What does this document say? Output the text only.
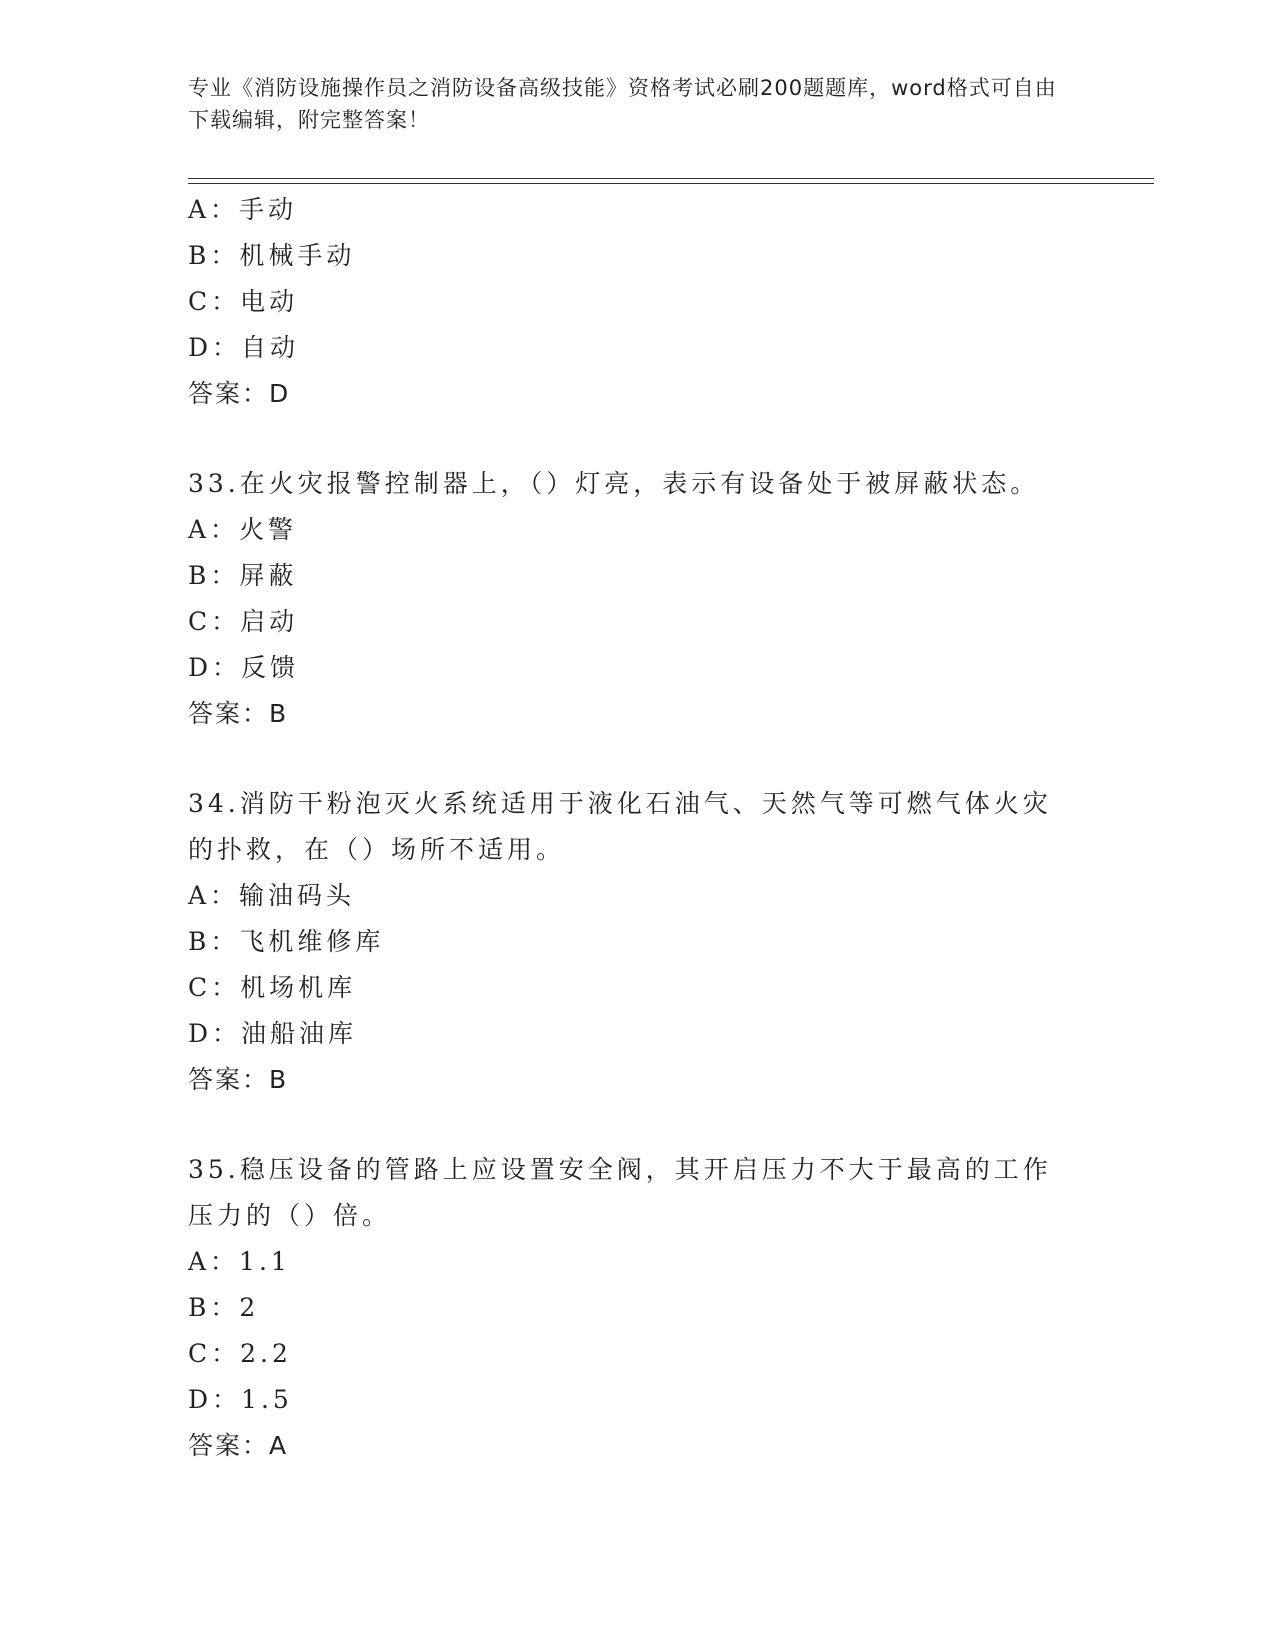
专业《消防设施操作员之消防设备高级技能》资格考试必刷200题题库，word格式可自由下载编辑，附完整答案！
A：手动
B：机械手动
C：电动
D：自动
答案：D
33.在火灾报警控制器上，（）灯亮，表示有设备处于被屏蔽状态。
A：火警
B：屏蔽
C：启动
D：反馈
答案：B
34.消防干粉泡灭火系统适用于液化石油气、天然气等可燃气体火灾的扑救，在（）场所不适用。
A：输油码头
B：飞机维修库
C：机场机库
D：油船油库
答案：B
35.稳压设备的管路上应设置安全阀，其开启压力不大于最高的工作压力的（）倍。
A：1.1
B：2
C：2.2
D：1.5
答案：A
